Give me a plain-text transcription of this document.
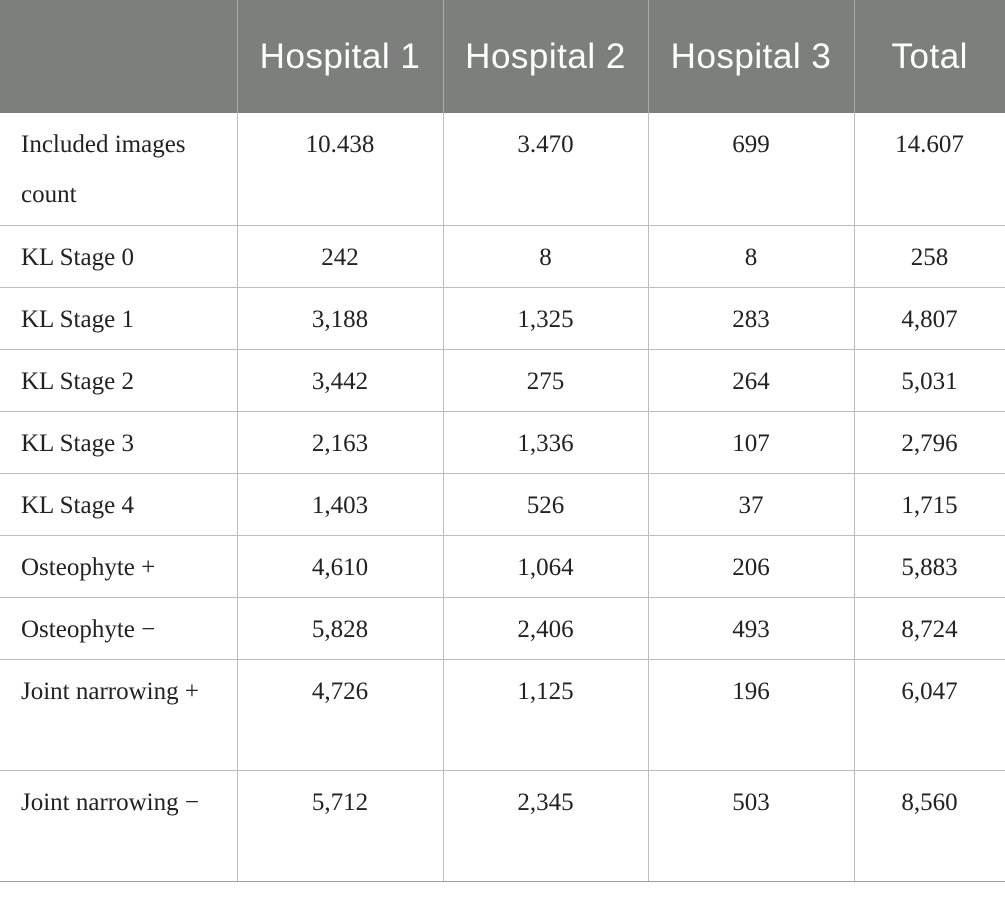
	Hospital 1	Hospital 2	Hospital 3	Total
Included images count	10.438	3.470	699	14.607
KL Stage 0	242	8	8	258
KL Stage 1	3,188	1,325	283	4,807
KL Stage 2	3,442	275	264	5,031
KL Stage 3	2,163	1,336	107	2,796
KL Stage 4	1,403	526	37	1,715
Osteophyte +	4,610	1,064	206	5,883
Osteophyte −	5,828	2,406	493	8,724
Joint narrowing +	4,726	1,125	196	6,047
Joint narrowing −	5,712	2,345	503	8,560
